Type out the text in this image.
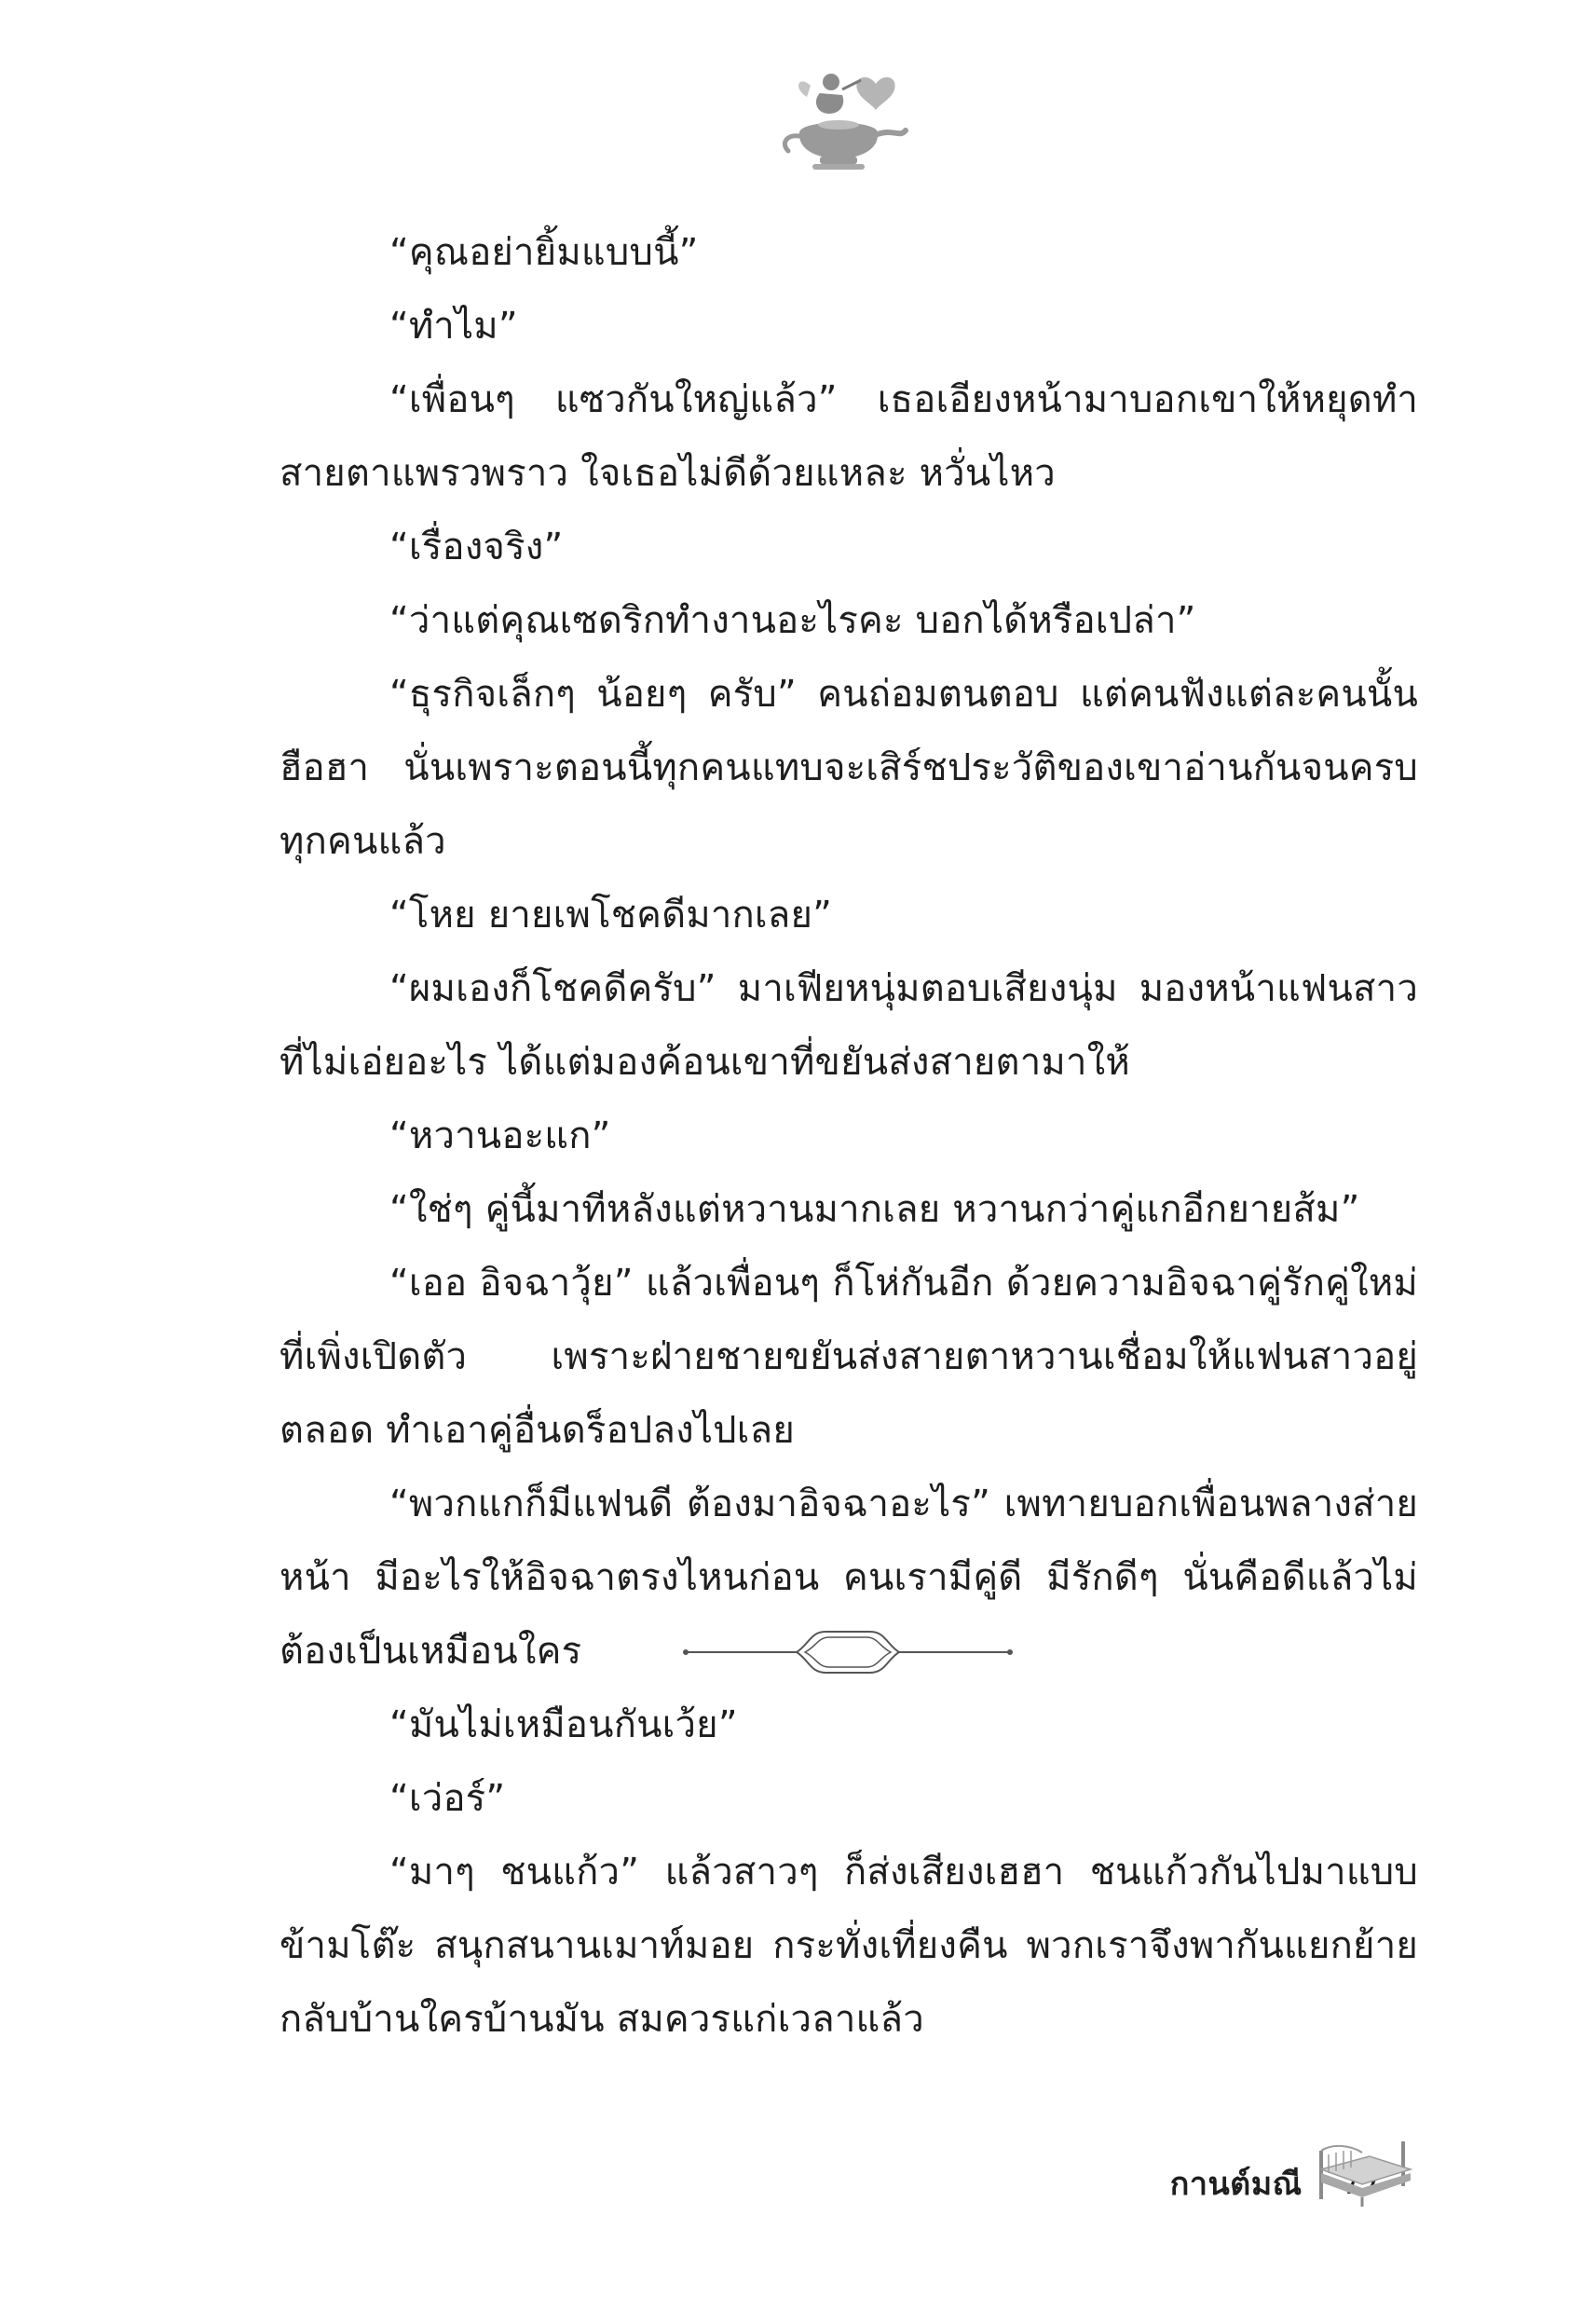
“คุณอย่ายิ้มแบบนี้”

“ทำไม”

“เพื่อนๆ แซวกันใหญ่แล้ว” เธอเอียงหน้ามาบอกเขาให้หยุดทำสายตาแพรวพราว ใจเธอไม่ดีด้วยแหละ หวั่นไหว

“เรื่องจริง”

“ว่าแต่คุณเซดริกทำงานอะไรคะ บอกได้หรือเปล่า”

“ธุรกิจเล็กๆ น้อยๆ ครับ” คนถ่อมตนตอบ แต่คนฟังแต่ละคนนั้นฮือฮา นั่นเพราะตอนนี้ทุกคนแทบจะเสิร์ชประวัติของเขาอ่านกันจนครบทุกคนแล้ว

“โหย ยายเพโชคดีมากเลย”

“ผมเองก็โชคดีครับ” มาเฟียหนุ่มตอบเสียงนุ่ม มองหน้าแฟนสาวที่ไม่เอ่ยอะไร ได้แต่มองค้อนเขาที่ขยันส่งสายตามาให้

“หวานอะแก”

“ใช่ๆ คู่นี้มาทีหลังแต่หวานมากเลย หวานกว่าคู่แกอีกยายส้ม”

“เออ อิจฉาวุ้ย” แล้วเพื่อนๆ ก็โห่กันอีก ด้วยความอิจฉาคู่รักคู่ใหม่ที่เพิ่งเปิดตัว เพราะฝ่ายชายขยันส่งสายตาหวานเชื่อมให้แฟนสาวอยู่ตลอด ทำเอาคู่อื่นดร็อปลงไปเลย

“พวกแกก็มีแฟนดี ต้องมาอิจฉาอะไร” เพทายบอกเพื่อนพลางส่ายหน้า มีอะไรให้อิจฉาตรงไหนก่อน คนเรามีคู่ดี มีรักดีๆ นั่นคือดีแล้วไม่ต้องเป็นเหมือนใคร

“มันไม่เหมือนกันเว้ย”

“เว่อร์”

“มาๆ ชนแก้ว” แล้วสาวๆ ก็ส่งเสียงเฮฮา ชนแก้วกันไปมาแบบข้ามโต๊ะ สนุกสนานเมาท์มอย กระทั่งเที่ยงคืน พวกเราจึงพากันแยกย้ายกลับบ้านใครบ้านมัน สมควรแก่เวลาแล้ว

กานต์มณี
